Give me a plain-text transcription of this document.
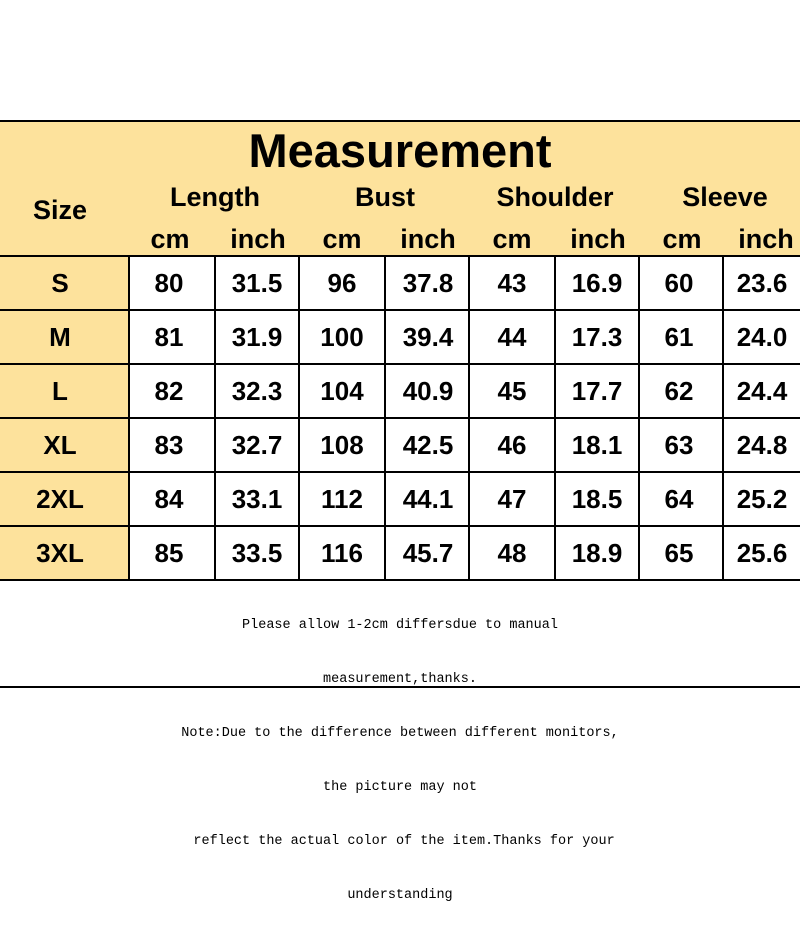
Measurement
Size	Length	Bust	Shoulder	Sleeve
cm	inch	cm	inch	cm	inch	cm	inch
S	80	31.5	96	37.8	43	16.9	60	23.6
M	81	31.9	100	39.4	44	17.3	61	24.0
L	82	32.3	104	40.9	45	17.7	62	24.4
XL	83	32.7	108	42.5	46	18.1	63	24.8
2XL	84	33.1	112	44.1	47	18.5	64	25.2
3XL	85	33.5	116	45.7	48	18.9	65	25.6

Please allow 1-2cm differsdue to manual

measurement,thanks.

Note:Due to the difference between different monitors,

the picture may not

reflect the actual color of the item.Thanks for your

understanding
